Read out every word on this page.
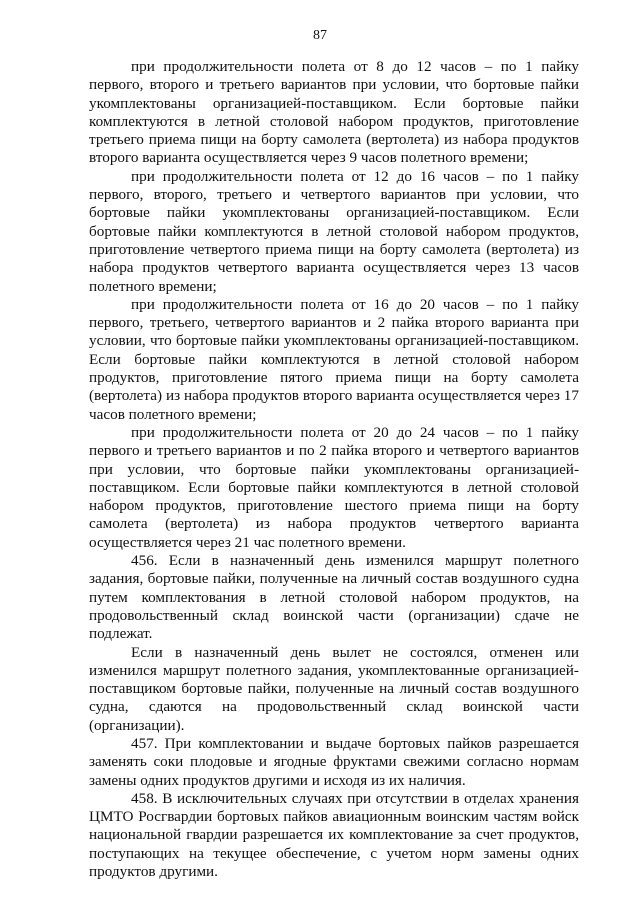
87

при продолжительности полета от 8 до 12 часов – по 1 пайку первого, второго и третьего вариантов при условии, что бортовые пайки укомплектованы организацией-поставщиком. Если бортовые пайки комплектуются в летной столовой набором продуктов, приготовление третьего приема пищи на борту самолета (вертолета) из набора продуктов второго варианта осуществляется через 9 часов полетного времени;

при продолжительности полета от 12 до 16 часов – по 1 пайку первого, второго, третьего и четвертого вариантов при условии, что бортовые пайки укомплектованы организацией-поставщиком. Если бортовые пайки комплектуются в летной столовой набором продуктов, приготовление четвертого приема пищи на борту самолета (вертолета) из набора продуктов четвертого варианта осуществляется через 13 часов полетного времени;

при продолжительности полета от 16 до 20 часов – по 1 пайку первого, третьего, четвертого вариантов и 2 пайка второго варианта при условии, что бортовые пайки укомплектованы организацией-поставщиком. Если бортовые пайки комплектуются в летной столовой набором продуктов, приготовление пятого приема пищи на борту самолета (вертолета) из набора продуктов второго варианта осуществляется через 17 часов полетного времени;

при продолжительности полета от 20 до 24 часов – по 1 пайку первого и третьего вариантов и по 2 пайка второго и четвертого вариантов при условии, что бортовые пайки укомплектованы организацией-поставщиком. Если бортовые пайки комплектуются в летной столовой набором продуктов, приготовление шестого приема пищи на борту самолета (вертолета) из набора продуктов четвертого варианта осуществляется через 21 час полетного времени.

456. Если в назначенный день изменился маршрут полетного задания, бортовые пайки, полученные на личный состав воздушного судна путем комплектования в летной столовой набором продуктов, на продовольственный склад воинской части (организации) сдаче не подлежат.

Если в назначенный день вылет не состоялся, отменен или изменился маршрут полетного задания, укомплектованные организацией-поставщиком бортовые пайки, полученные на личный состав воздушного судна, сдаются на продовольственный склад воинской части (организации).

457. При комплектовании и выдаче бортовых пайков разрешается заменять соки плодовые и ягодные фруктами свежими согласно нормам замены одних продуктов другими и исходя из их наличия.

458. В исключительных случаях при отсутствии в отделах хранения ЦМТО Росгвардии бортовых пайков авиационным воинским частям войск национальной гвардии разрешается их комплектование за счет продуктов, поступающих на текущее обеспечение, с учетом норм замены одних продуктов другими.
